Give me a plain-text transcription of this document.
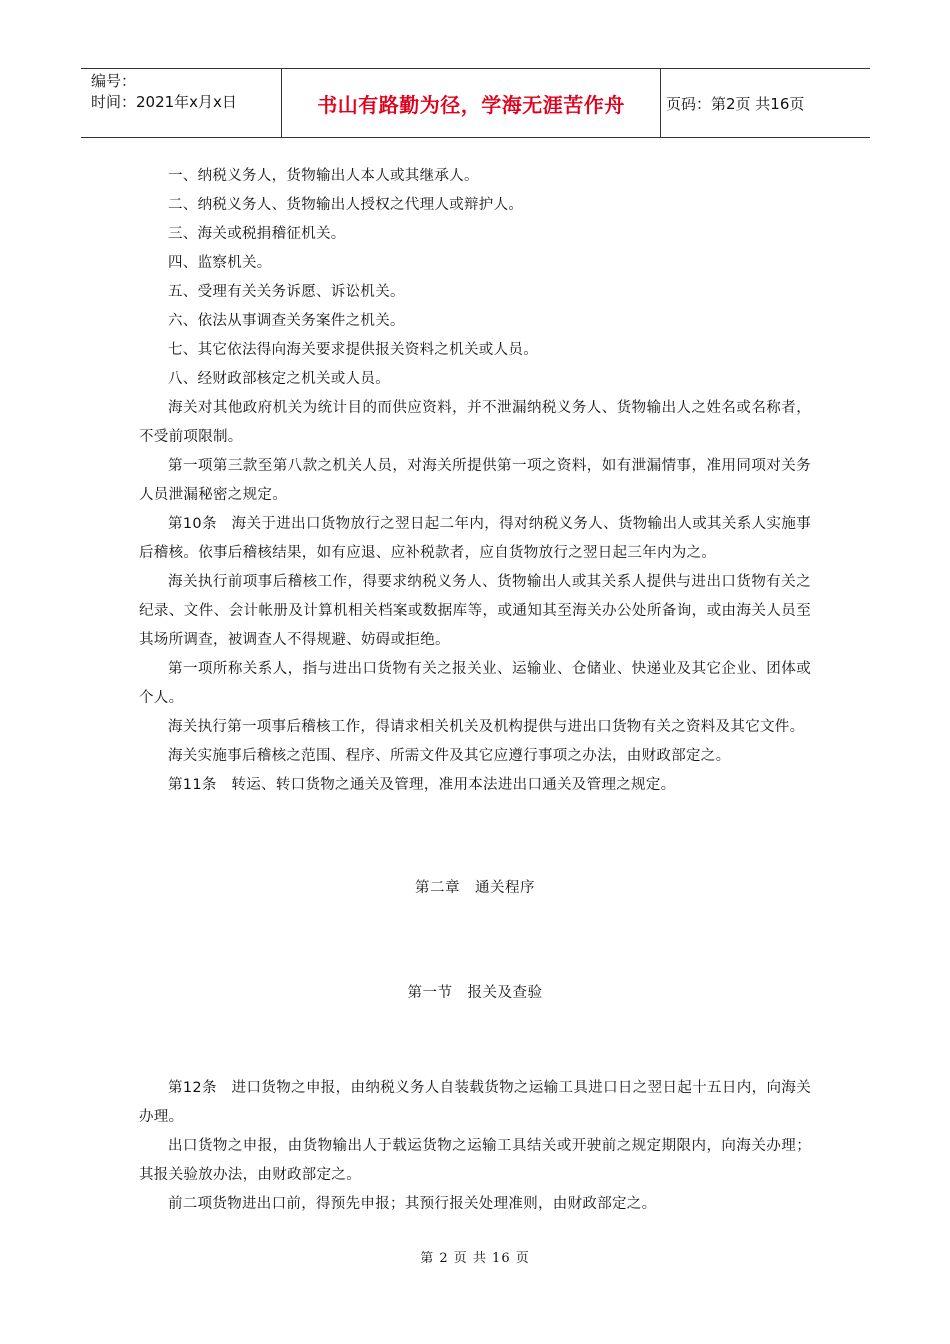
编号：
时间：2021年x月x日	书山有路勤为径，学海无涯苦作舟	页码：第2页 共16页

一、纳税义务人，货物输出人本人或其继承人。

二、纳税义务人、货物输出人授权之代理人或辩护人。

三、海关或税捐稽征机关。

四、监察机关。

五、受理有关关务诉愿、诉讼机关。

六、依法从事调查关务案件之机关。

七、其它依法得向海关要求提供报关资料之机关或人员。

八、经财政部核定之机关或人员。

海关对其他政府机关为统计目的而供应资料，并不泄漏纳税义务人、货物输出人之姓名或名称者，不受前项限制。

第一项第三款至第八款之机关人员，对海关所提供第一项之资料，如有泄漏情事，准用同项对关务人员泄漏秘密之规定。

第10条　海关于进出口货物放行之翌日起二年内，得对纳税义务人、货物输出人或其关系人实施事后稽核。依事后稽核结果，如有应退、应补税款者，应自货物放行之翌日起三年内为之。

海关执行前项事后稽核工作，得要求纳税义务人、货物输出人或其关系人提供与进出口货物有关之纪录、文件、会计帐册及计算机相关档案或数据库等，或通知其至海关办公处所备询，或由海关人员至其场所调查，被调查人不得规避、妨碍或拒绝。

第一项所称关系人，指与进出口货物有关之报关业、运输业、仓储业、快递业及其它企业、团体或个人。

海关执行第一项事后稽核工作，得请求相关机关及机构提供与进出口货物有关之资料及其它文件。

海关实施事后稽核之范围、程序、所需文件及其它应遵行事项之办法，由财政部定之。

第11条　转运、转口货物之通关及管理，准用本法进出口通关及管理之规定。

第二章　通关程序
第一节　报关及查验

第12条　进口货物之申报，由纳税义务人自装载货物之运输工具进口日之翌日起十五日内，向海关办理。

出口货物之申报，由货物输出人于载运货物之运输工具结关或开驶前之规定期限内，向海关办理；其报关验放办法，由财政部定之。

前二项货物进出口前，得预先申报；其预行报关处理准则，由财政部定之。

第 2 页 共 16 页
